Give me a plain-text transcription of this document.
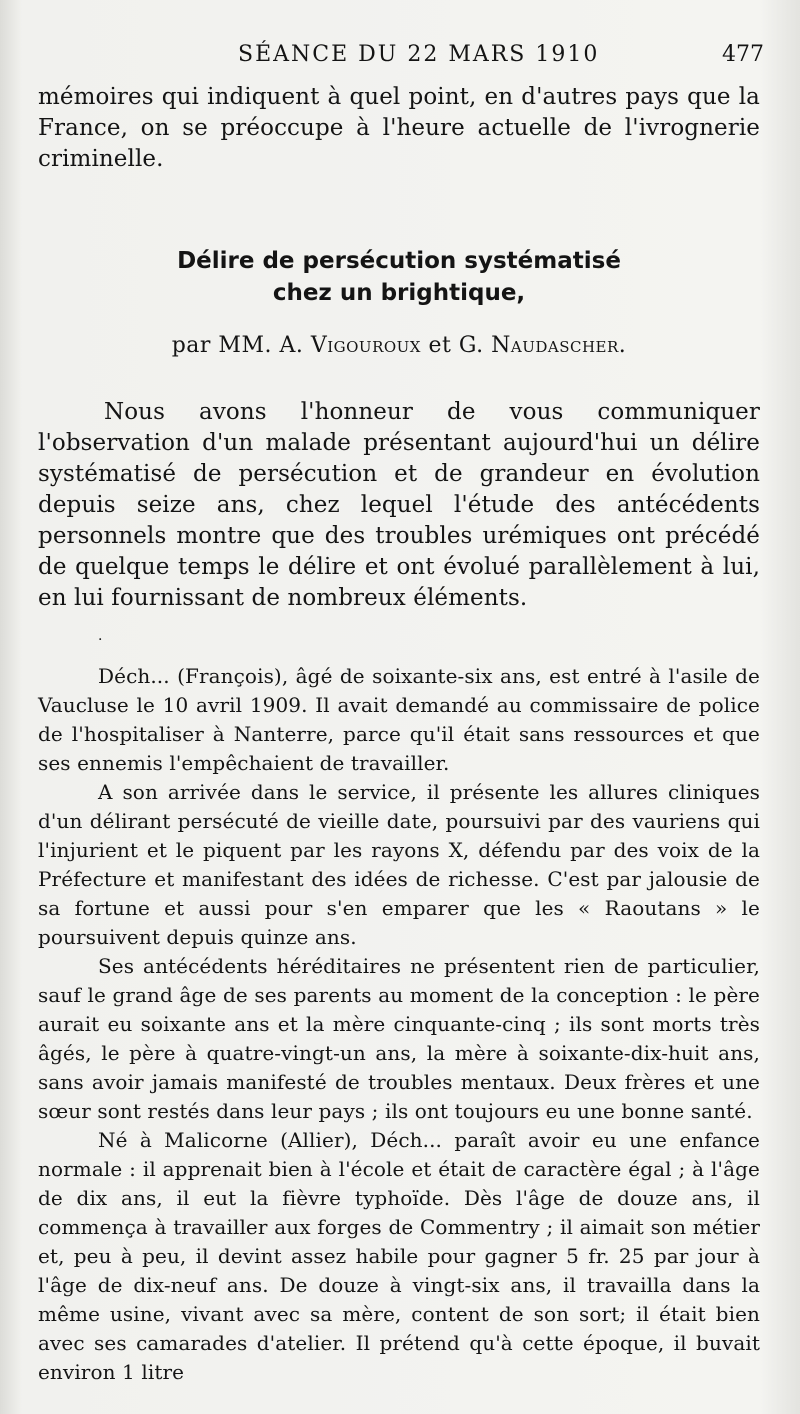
SÉANCE DU 22 MARS 1910	477

mémoires qui indiquent à quel point, en d'autres pays que la France, on se préoccupe à l'heure actuelle de l'ivrognerie criminelle.

Délire de persécution systématisé
chez un brightique,
par MM. A. Vigouroux et G. Naudascher.

Nous avons l'honneur de vous communiquer l'observation d'un malade présentant aujourd'hui un délire systématisé de persécution et de grandeur en évolution depuis seize ans, chez lequel l'étude des antécédents personnels montre que des troubles urémiques ont précédé de quelque temps le délire et ont évolué parallèlement à lui, en lui fournissant de nombreux éléments.

·

Déch... (François), âgé de soixante-six ans, est entré à l'asile de Vaucluse le 10 avril 1909. Il avait demandé au commissaire de police de l'hospitaliser à Nanterre, parce qu'il était sans ressources et que ses ennemis l'empêchaient de travailler.

A son arrivée dans le service, il présente les allures cliniques d'un délirant persécuté de vieille date, poursuivi par des vauriens qui l'injurient et le piquent par les rayons X, défendu par des voix de la Préfecture et manifestant des idées de richesse. C'est par jalousie de sa fortune et aussi pour s'en emparer que les « Raoutans » le poursuivent depuis quinze ans.

Ses antécédents héréditaires ne présentent rien de particulier, sauf le grand âge de ses parents au moment de la conception : le père aurait eu soixante ans et la mère cinquante-cinq ; ils sont morts très âgés, le père à quatre-vingt-un ans, la mère à soixante-dix-huit ans, sans avoir jamais manifesté de troubles mentaux. Deux frères et une sœur sont restés dans leur pays ; ils ont toujours eu une bonne santé.

Né à Malicorne (Allier), Déch... paraît avoir eu une enfance normale : il apprenait bien à l'école et était de caractère égal ; à l'âge de dix ans, il eut la fièvre typhoïde. Dès l'âge de douze ans, il commença à travailler aux forges de Commentry ; il aimait son métier et, peu à peu, il devint assez habile pour gagner 5 fr. 25 par jour à l'âge de dix-neuf ans. De douze à vingt-six ans, il travailla dans la même usine, vivant avec sa mère, content de son sort; il était bien avec ses camarades d'atelier. Il prétend qu'à cette époque, il buvait environ 1 litre
